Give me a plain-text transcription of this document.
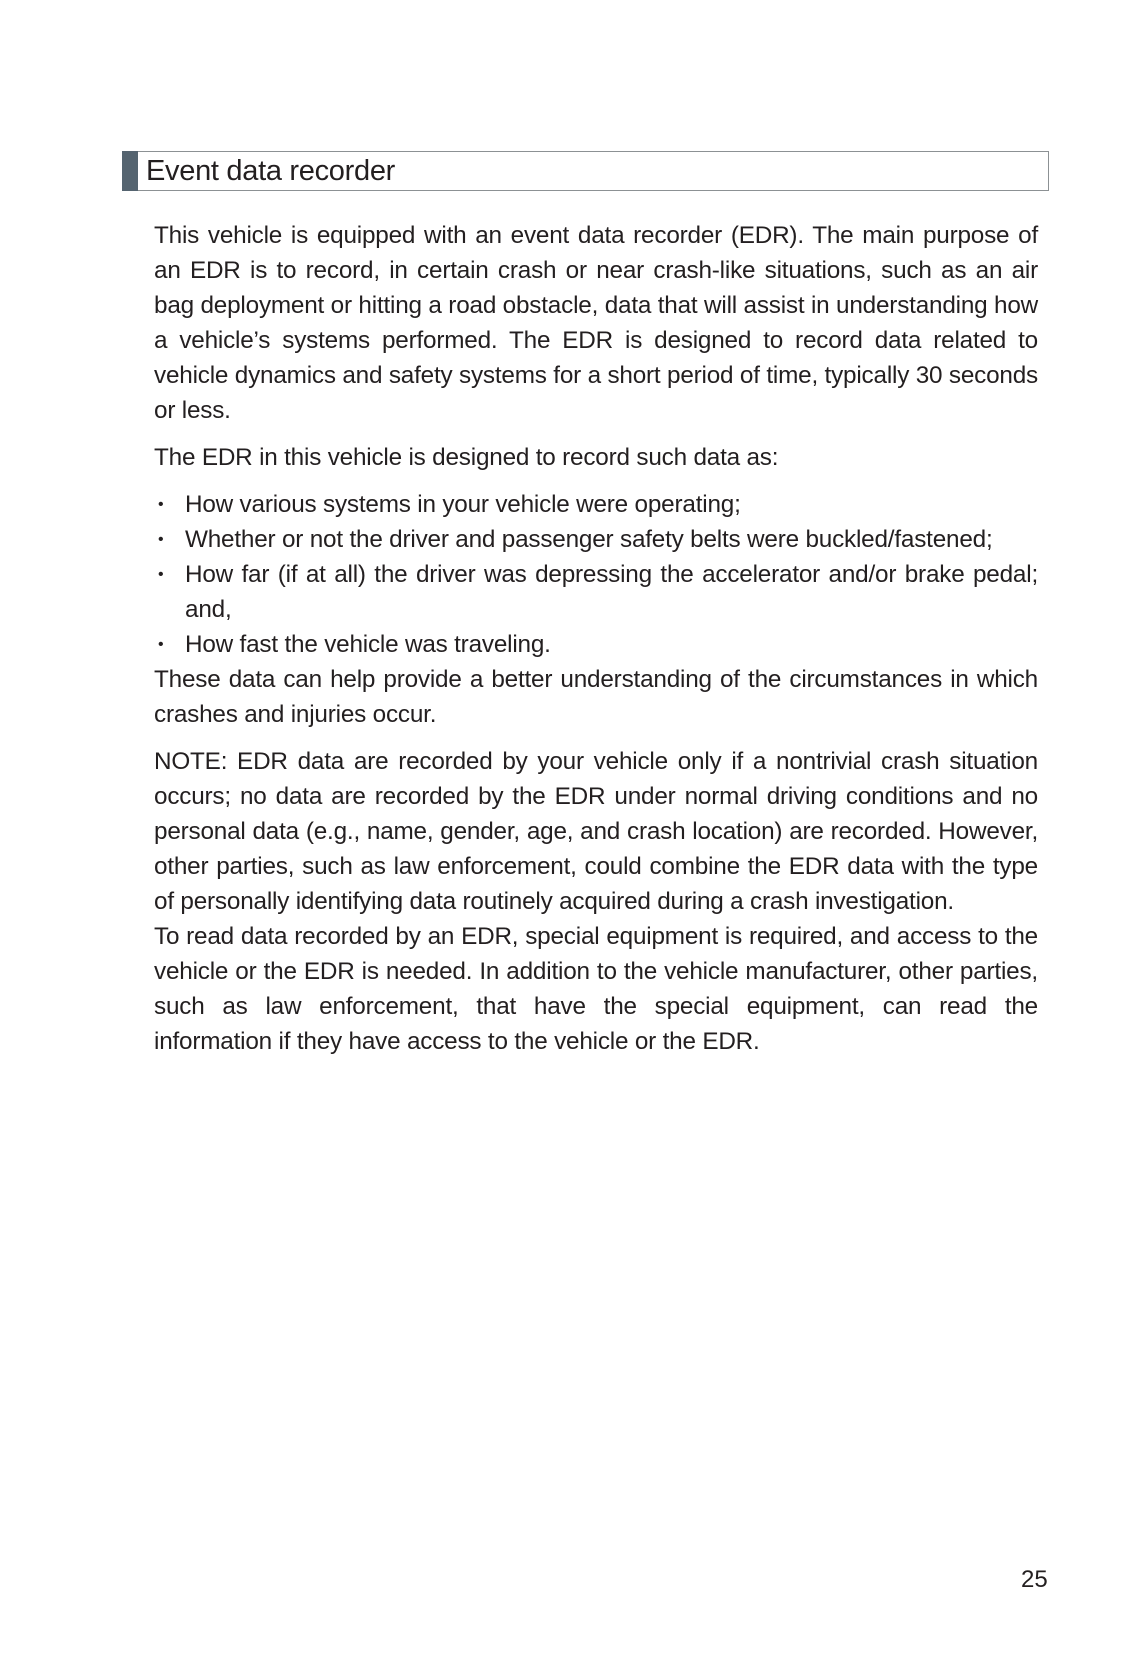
Event data recorder

This vehicle is equipped with an event data recorder (EDR). The main purpose of an EDR is to record, in certain crash or near crash-like situations, such as an air bag deployment or hitting a road obstacle, data that will assist in understanding how a vehicle’s systems performed. The EDR is designed to record data related to vehicle dynamics and safety systems for a short period of time, typically 30 seconds or less.

The EDR in this vehicle is designed to record such data as:

• How various systems in your vehicle were operating;
• Whether or not the driver and passenger safety belts were buckled/fastened;
• How far (if at all) the driver was depressing the accelerator and/or brake pedal; and,
• How fast the vehicle was traveling.

These data can help provide a better understanding of the circumstances in which crashes and injuries occur.

NOTE: EDR data are recorded by your vehicle only if a nontrivial crash situation occurs; no data are recorded by the EDR under normal driving conditions and no personal data (e.g., name, gender, age, and crash location) are recorded. However, other parties, such as law enforcement, could combine the EDR data with the type of personally identifying data routinely acquired during a crash investigation.

To read data recorded by an EDR, special equipment is required, and access to the vehicle or the EDR is needed. In addition to the vehicle manufacturer, other parties, such as law enforcement, that have the special equipment, can read the information if they have access to the vehicle or the EDR.

25
